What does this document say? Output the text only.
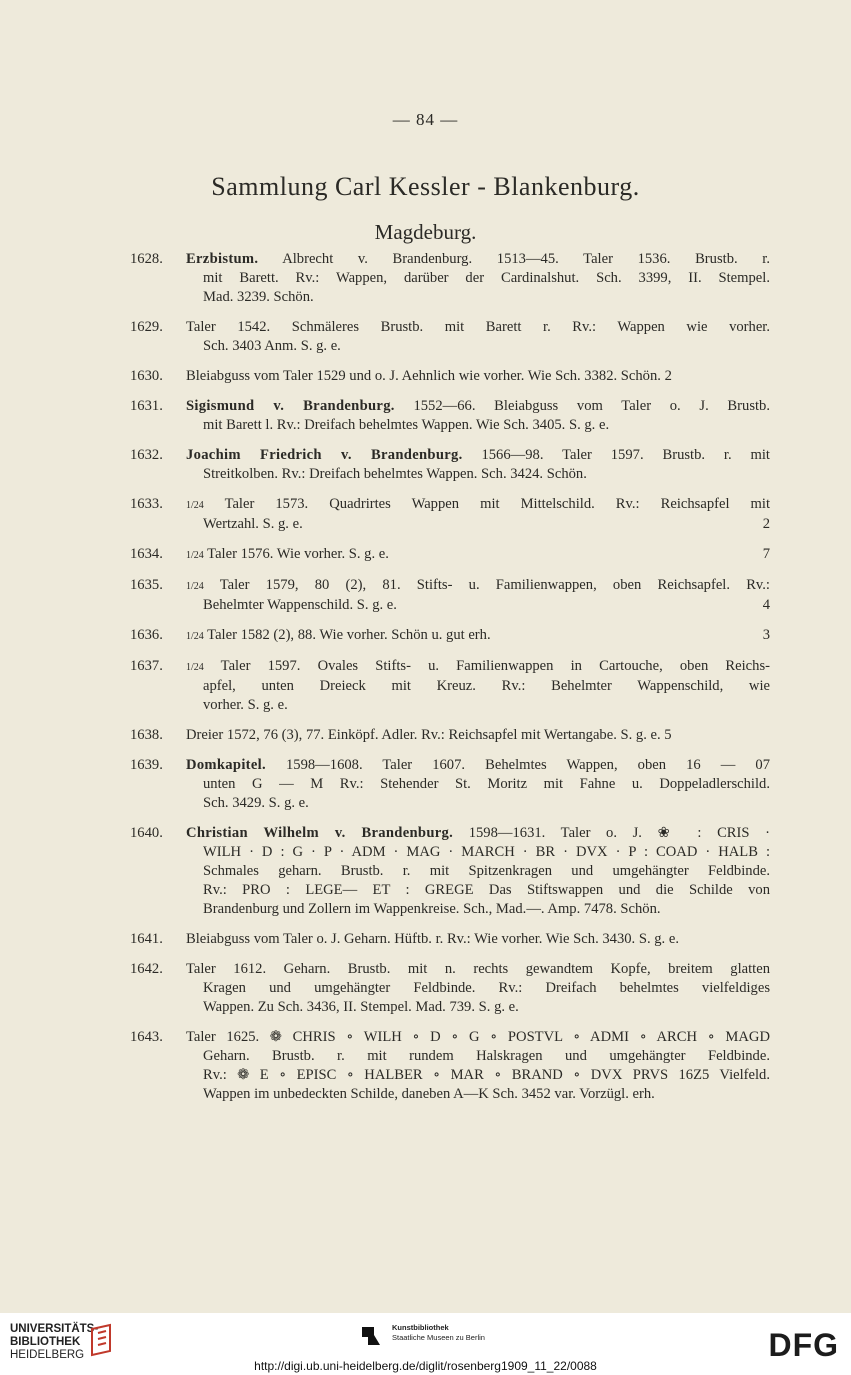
— 84 —
Sammlung Carl Kessler - Blankenburg.
Magdeburg.
1628. Erzbistum. Albrecht v. Brandenburg. 1513—45. Taler 1536. Brustb. r.
mit Barett. Rv.: Wappen, darüber der Cardinalshut. Sch. 3399, II. Stempel.
Mad. 3239. Schön.
1629. Taler 1542. Schmäleres Brustb. mit Barett r. Rv.: Wappen wie vorher.
Sch. 3403 Anm. S. g. e.
1630. Bleiabguss vom Taler 1529 und o. J. Aehnlich wie vorher. Wie Sch. 3382. Schön. 2
1631. Sigismund v. Brandenburg. 1552—66. Bleiabguss vom Taler o. J. Brustb.
mit Barett l. Rv.: Dreifach behelmtes Wappen. Wie Sch. 3405. S. g. e.
1632. Joachim Friedrich v. Brandenburg. 1566—98. Taler 1597. Brustb. r. mit
Streitkolben. Rv.: Dreifach behelmtes Wappen. Sch. 3424. Schön.
1633. 1/24 Taler 1573. Quadrirtes Wappen mit Mittelschild. Rv.: Reichsapfel mit
Wertzahl. S. g. e.	2
1634. 1/24 Taler 1576. Wie vorher. S. g. e.	7
1635. 1/24 Taler 1579, 80 (2), 81. Stifts- u. Familienwappen, oben Reichsapfel. Rv.:
Behelmter Wappenschild. S. g. e.	4
1636. 1/24 Taler 1582 (2), 88. Wie vorher. Schön u. gut erh.	3
1637. 1/24 Taler 1597. Ovales Stifts- u. Familienwappen in Cartouche, oben Reichs-
apfel, unten Dreieck mit Kreuz. Rv.: Behelmter Wappenschild, wie
vorher. S. g. e.
1638. Dreier 1572, 76 (3), 77. Einköpf. Adler. Rv.: Reichsapfel mit Wertangabe. S. g. e. 5
1639. Domkapitel. 1598—1608. Taler 1607. Behelmtes Wappen, oben 16 — 07
unten G — M Rv.: Stehender St. Moritz mit Fahne u. Doppeladlerschild.
Sch. 3429. S. g. e.
1640. Christian Wilhelm v. Brandenburg. 1598—1631. Taler o. J. ❀ : CRIS ·
WILH · D : G · P · ADM · MAG · MARCH · BR · DVX · P : COAD · HALB :
Schmales geharn. Brustb. r. mit Spitzenkragen und umgehängter Feldbinde.
Rv.: PRO : LEGE— ET : GREGE Das Stiftswappen und die Schilde von
Brandenburg und Zollern im Wappenkreise. Sch., Mad.—. Amp. 7478. Schön.
1641. Bleiabguss vom Taler o. J. Geharn. Hüftb. r. Rv.: Wie vorher. Wie Sch. 3430. S. g. e.
1642. Taler 1612. Geharn. Brustb. mit n. rechts gewandtem Kopfe, breitem glatten
Kragen und umgehängter Feldbinde. Rv.: Dreifach behelmtes vielfeldiges
Wappen. Zu Sch. 3436, II. Stempel. Mad. 739. S. g. e.
1643. Taler 1625. ❁ CHRIS ∘ WILH ∘ D ∘ G ∘ POSTVL ∘ ADMI ∘ ARCH ∘ MAGD
Geharn. Brustb. r. mit rundem Halskragen und umgehängter Feldbinde.
Rv.: ❁ E ∘ EPISC ∘ HALBER ∘ MAR ∘ BRAND ∘ DVX PRVS 16Z5 Vielfeld.
Wappen im unbedeckten Schilde, daneben A—K Sch. 3452 var. Vorzügl. erh.
UNIVERSITÄTS-
BIBLIOTHEK
HEIDELBERG
Kunstbibliothek
Staatliche Museen zu Berlin	DFG
http://digi.ub.uni-heidelberg.de/diglit/rosenberg1909_11_22/0088
